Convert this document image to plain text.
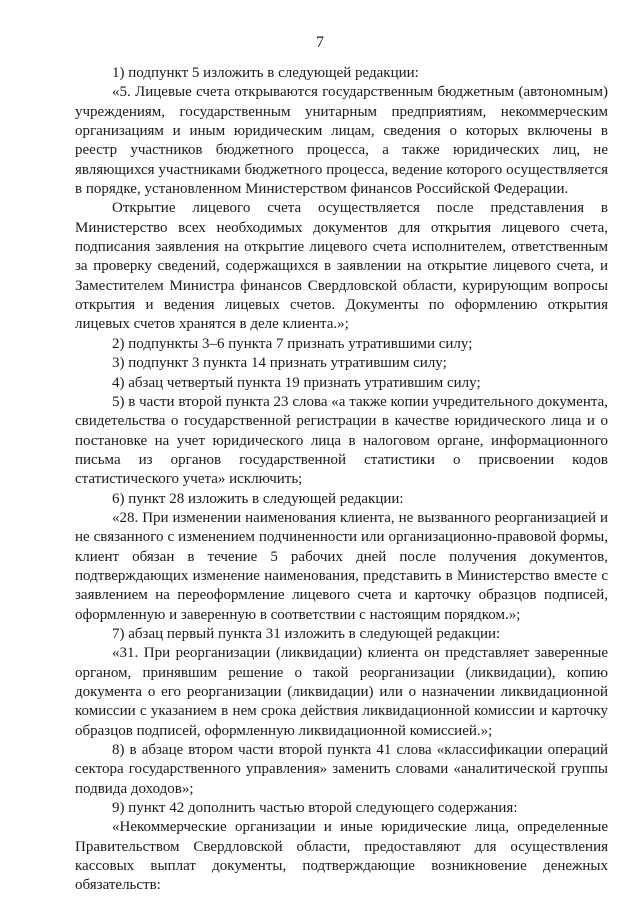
7

1) подпункт 5 изложить в следующей редакции:

«5. Лицевые счета открываются государственным бюджетным (автономным) учреждениям, государственным унитарным предприятиям, некоммерческим организациям и иным юридическим лицам, сведения о которых включены в реестр участников бюджетного процесса, а также юридических лиц, не являющихся участниками бюджетного процесса, ведение которого осуществляется в порядке, установленном Министерством финансов Российской Федерации.

Открытие лицевого счета осуществляется после представления в Министерство всех необходимых документов для открытия лицевого счета, подписания заявления на открытие лицевого счета исполнителем, ответственным за проверку сведений, содержащихся в заявлении на открытие лицевого счета, и Заместителем Министра финансов Свердловской области, курирующим вопросы открытия и ведения лицевых счетов. Документы по оформлению открытия лицевых счетов хранятся в деле клиента.»;

2) подпункты 3–6 пункта 7 признать утратившими силу;

3) подпункт 3 пункта 14 признать утратившим силу;

4) абзац четвертый пункта 19 признать утратившим силу;

5) в части второй пункта 23 слова «а также копии учредительного документа, свидетельства о государственной регистрации в качестве юридического лица и о постановке на учет юридического лица в налоговом органе, информационного письма из органов государственной статистики о присвоении кодов статистического учета» исключить;

6) пункт 28 изложить в следующей редакции:

«28. При изменении наименования клиента, не вызванного реорганизацией и не связанного с изменением подчиненности или организационно-правовой формы, клиент обязан в течение 5 рабочих дней после получения документов, подтверждающих изменение наименования, представить в Министерство вместе с заявлением на переоформление лицевого счета и карточку образцов подписей, оформленную и заверенную в соответствии с настоящим порядком.»;

7) абзац первый пункта 31 изложить в следующей редакции:

«31. При реорганизации (ликвидации) клиента он представляет заверенные органом, принявшим решение о такой реорганизации (ликвидации), копию документа о его реорганизации (ликвидации) или о назначении ликвидационной комиссии с указанием в нем срока действия ликвидационной комиссии и карточку образцов подписей, оформленную ликвидационной комиссией.»;

8) в абзаце втором части второй пункта 41 слова «классификации операций сектора государственного управления» заменить словами «аналитической группы подвида доходов»;

9) пункт 42 дополнить частью второй следующего содержания:

«Некоммерческие организации и иные юридические лица, определенные Правительством Свердловской области, предоставляют для осуществления кассовых выплат документы, подтверждающие возникновение денежных обязательств:
